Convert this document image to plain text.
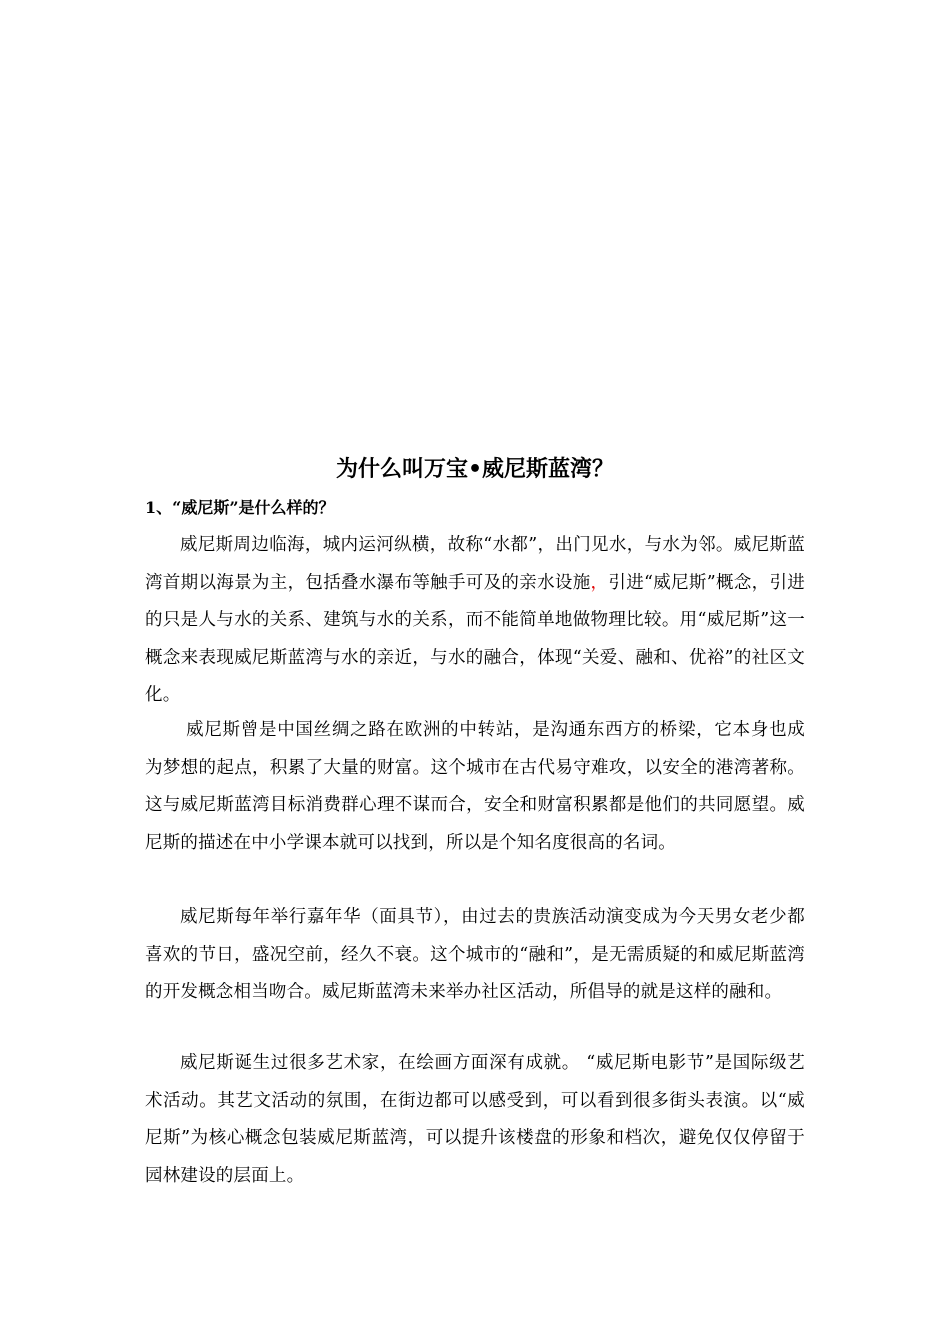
为什么叫万宝•威尼斯蓝湾？
1、“威尼斯”是什么样的？

威尼斯周边临海，城内运河纵横，故称“水都”，出门见水，与水为邻。威尼斯蓝湾首期以海景为主，包括叠水瀑布等触手可及的亲水设施，引进“威尼斯”概念，引进的只是人与水的关系、建筑与水的关系，而不能简单地做物理比较。用“威尼斯”这一概念来表现威尼斯蓝湾与水的亲近，与水的融合，体现“关爱、融和、优裕”的社区文化。

威尼斯曾是中国丝绸之路在欧洲的中转站，是沟通东西方的桥梁，它本身也成为梦想的起点，积累了大量的财富。这个城市在古代易守难攻，以安全的港湾著称。这与威尼斯蓝湾目标消费群心理不谋而合，安全和财富积累都是他们的共同愿望。威尼斯的描述在中小学课本就可以找到，所以是个知名度很高的名词。

威尼斯每年举行嘉年华（面具节），由过去的贵族活动演变成为今天男女老少都喜欢的节日，盛况空前，经久不衰。这个城市的“融和”，是无需质疑的和威尼斯蓝湾的开发概念相当吻合。威尼斯蓝湾未来举办社区活动，所倡导的就是这样的融和。

威尼斯诞生过很多艺术家，在绘画方面深有成就。 “威尼斯电影节”是国际级艺术活动。其艺文活动的氛围，在街边都可以感受到，可以看到很多街头表演。以“威尼斯”为核心概念包装威尼斯蓝湾，可以提升该楼盘的形象和档次，避免仅仅停留于园林建设的层面上。
